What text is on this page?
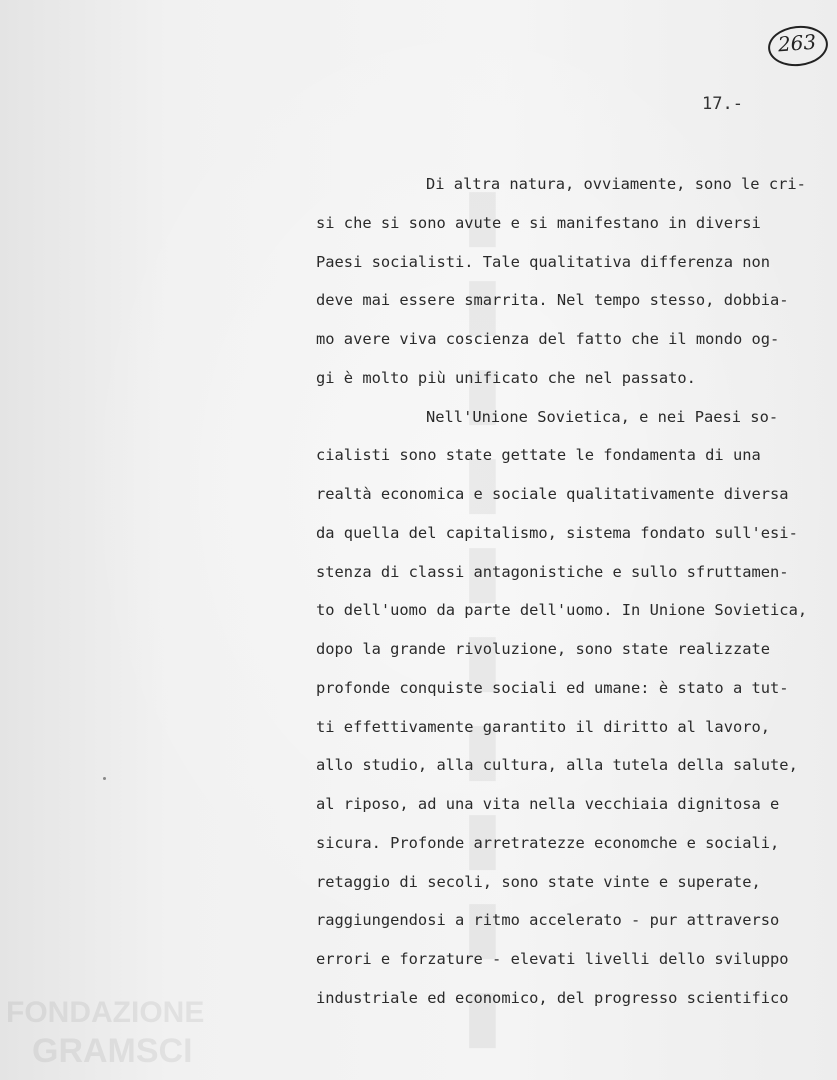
▮▮▮▮▮▮▮▮▮▮
FONDAZIONE
GRAMSCI
263
17.-
Di altra natura, ovviamente, sono le cri-
si che si sono avute e si manifestano in diversi
Paesi socialisti. Tale qualitativa differenza non
deve mai essere smarrita. Nel tempo stesso, dobbia-
mo avere viva coscienza del fatto che il mondo og-
gi è molto più unificato che nel passato.
Nell'Unione Sovietica, e nei Paesi so-
cialisti sono state gettate le fondamenta di una
realtà economica e sociale qualitativamente diversa
da quella del capitalismo, sistema fondato sull'esi-
stenza di classi antagonistiche e sullo sfruttamen-
to dell'uomo da parte dell'uomo. In Unione Sovietica,
dopo la grande rivoluzione, sono state realizzate
profonde conquiste sociali ed umane: è stato a tut-
ti effettivamente garantito il diritto al lavoro,
allo studio, alla cultura, alla tutela della salute,
al riposo, ad una vita nella vecchiaia dignitosa e
sicura. Profonde arretratezze economche e sociali,
retaggio di secoli, sono state vinte e superate,
raggiungendosi a ritmo accelerato - pur attraverso
errori e forzature - elevati livelli dello sviluppo
industriale ed economico, del progresso scientifico
